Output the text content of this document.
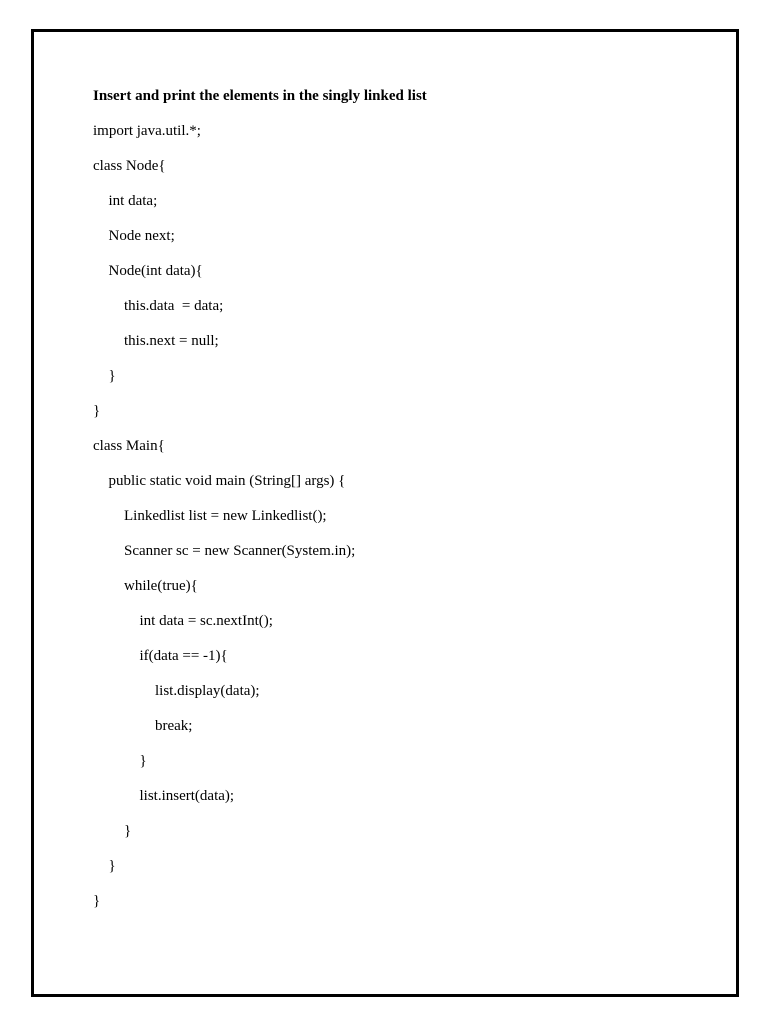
Insert and print the elements in the singly linked list
import java.util.*;
class Node{
int data;
Node next;
Node(int data){
this.data  = data;
this.next = null;
}
}
class Main{
public static void main (String[] args) {
Linkedlist list = new Linkedlist();
Scanner sc = new Scanner(System.in);
while(true){
int data = sc.nextInt();
if(data == -1){
list.display(data);
break;
}
list.insert(data);
}
}
}
